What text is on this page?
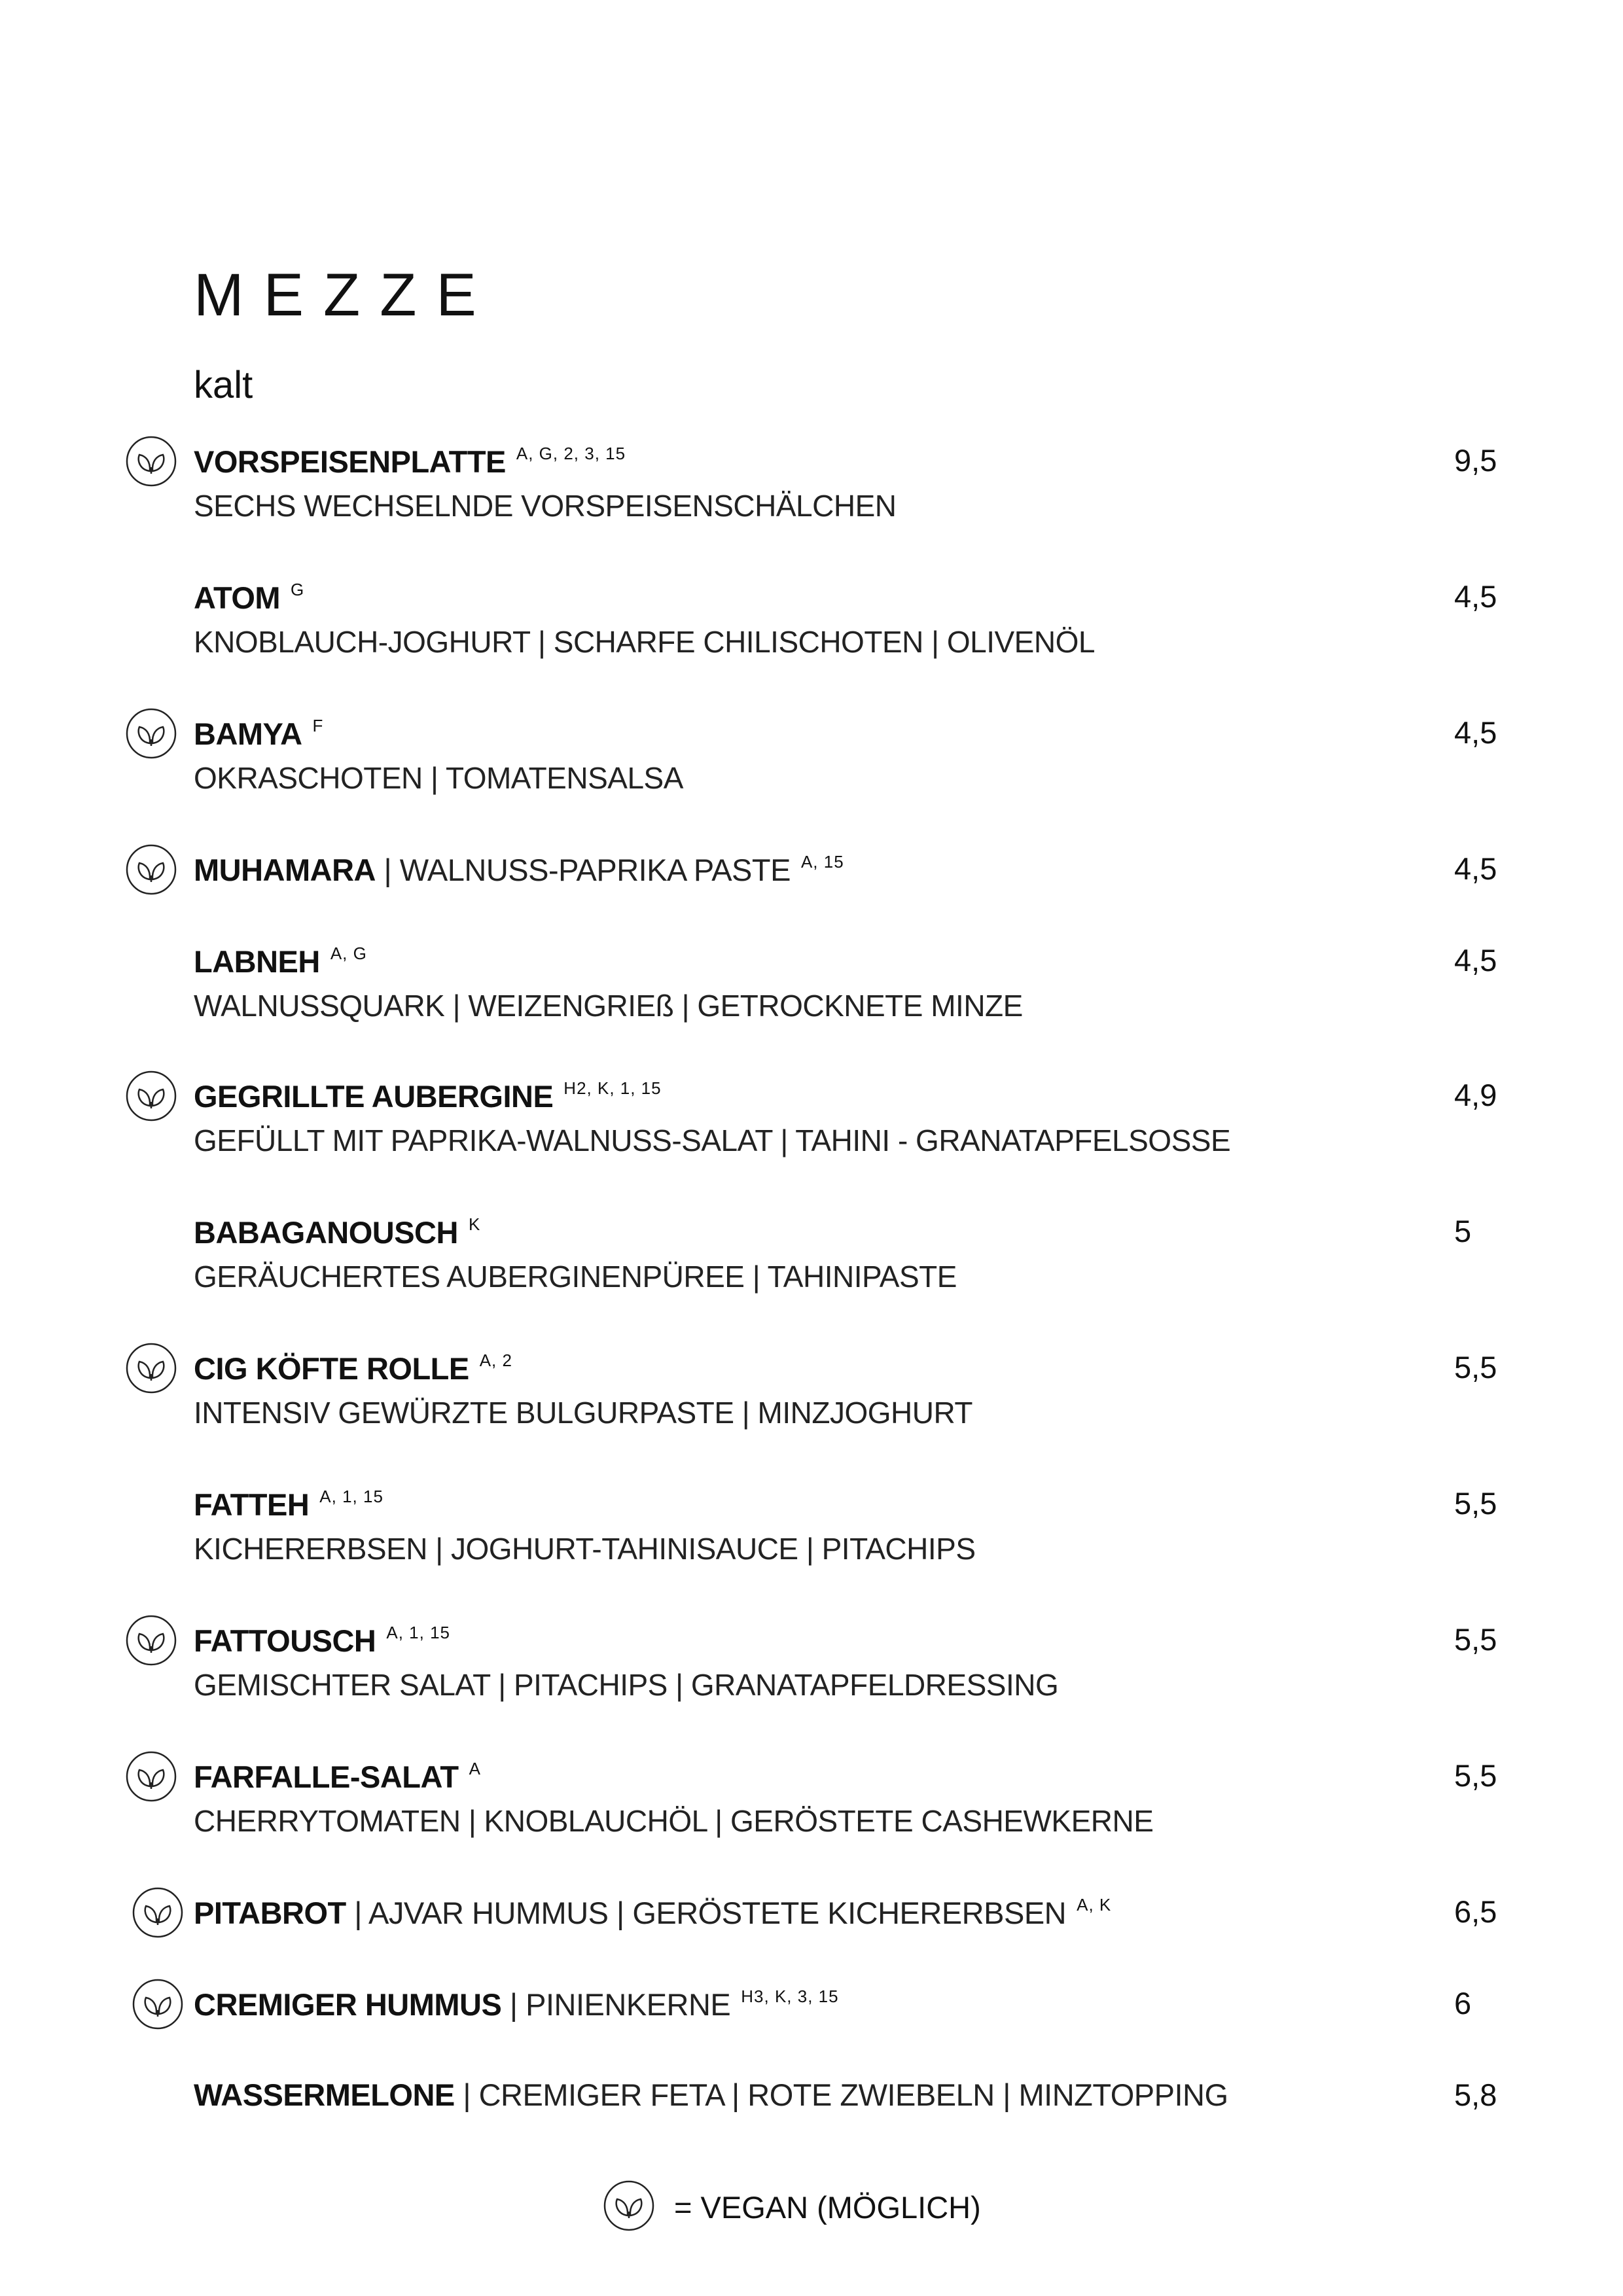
MEZZE
kalt
VORSPEISENPLATTE $^{A, G, 2, 3, 15}$
SECHS WECHSELNDE VORSPEISENSCHÄLCHEN
9,5
ATOM $^G$
KNOBLAUCH-JOGHURT | SCHARFE CHILISCHOTEN | OLIVENÖL
4,5
BAMYA $^F$
OKRASCHOTEN | TOMATENSALSA
4,5
MUHAMARA | WALNUSS-PAPRIKA PASTE $^{A, 15}$	4,5
LABNEH $^{A, G}$
WALNUSSQUARK | WEIZENGRIEß | GETROCKNETE MINZE
4,5
GEGRILLTE AUBERGINE $^{H2, K, 1, 15}$
GEFÜLLT MIT PAPRIKA-WALNUSS-SALAT | TAHINI - GRANATAPFELSOSSE
4,9
BABAGANOUSCH $^K$
GERÄUCHERTES AUBERGINENPÜREE | TAHINIPASTE
5
CIG KÖFTE ROLLE $^{A, 2}$
INTENSIV GEWÜRZTE BULGURPASTE | MINZJOGHURT
5,5
FATTEH $^{A, 1, 15}$
KICHERERBSEN | JOGHURT-TAHINISAUCE | PITACHIPS
5,5
FATTOUSCH $^{A, 1, 15}$
GEMISCHTER SALAT | PITACHIPS | GRANATAPFELDRESSING
5,5
FARFALLE-SALAT $^A$
CHERRYTOMATEN | KNOBLAUCHÖL | GERÖSTETE CASHEWKERNE
5,5
PITABROT | AJVAR HUMMUS | GERÖSTETE KICHERERBSEN $^{A, K}$	6,5
CREMIGER HUMMUS | PINIENKERNE $^{H3, K, 3, 15}$	6
WASSERMELONE | CREMIGER FETA | ROTE ZWIEBELN | MINZTOPPING	5,8
= VEGAN (MÖGLICH)
